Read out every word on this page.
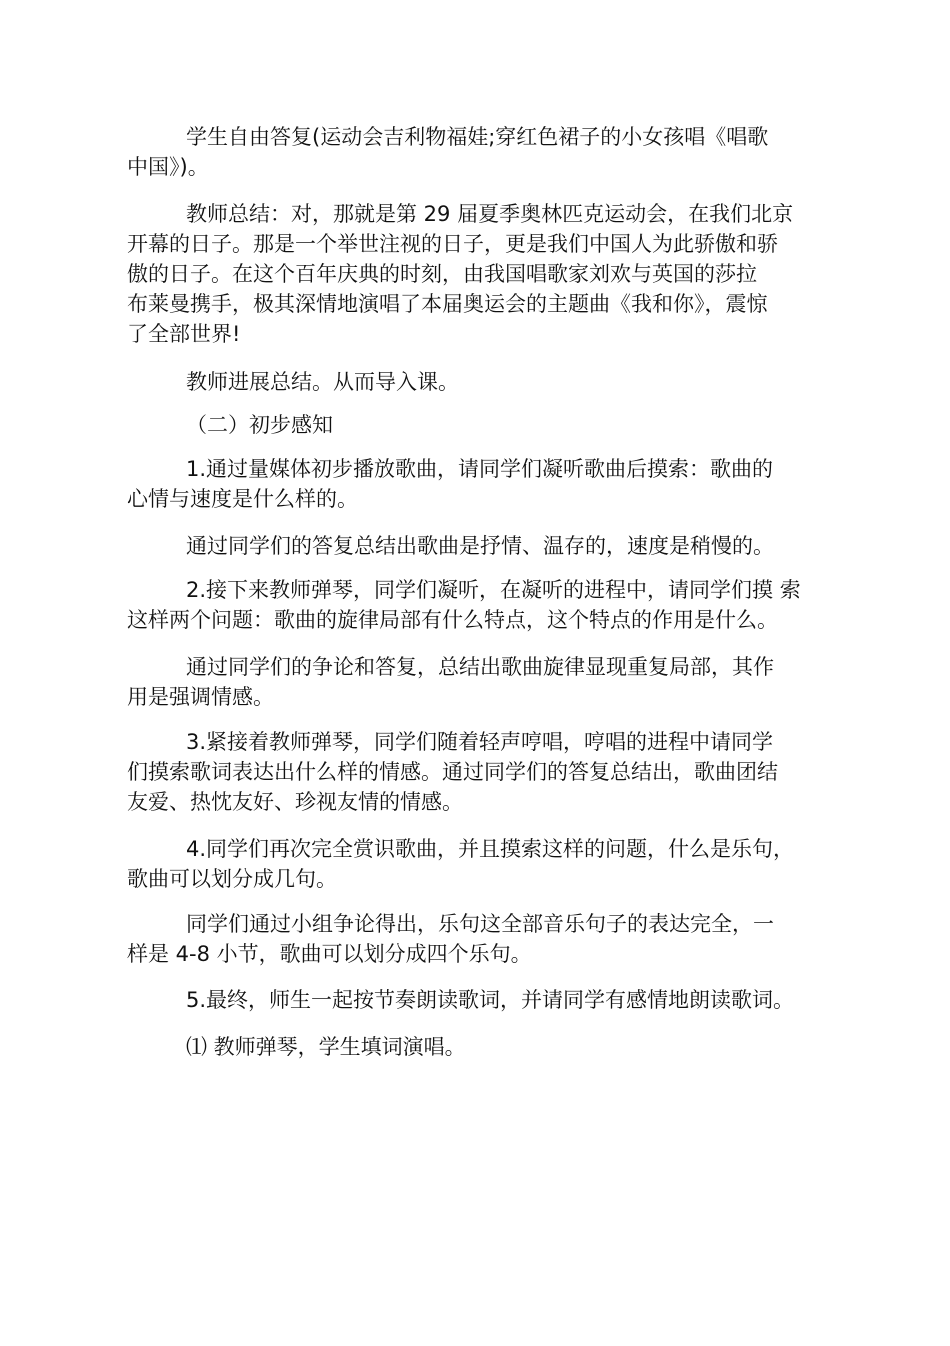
学生自由答复(运动会吉利物福娃;穿红色裙子的小女孩唱《唱歌
中国》)。
教师总结：对，那就是第 29 届夏季奥林匹克运动会，在我们北京
开幕的日子。那是一个举世注视的日子，更是我们中国人为此骄傲和骄
傲的日子。在这个百年庆典的时刻，由我国唱歌家刘欢与英国的莎拉
布莱曼携手，极其深情地演唱了本届奥运会的主题曲《我和你》，震惊
了全部世界!
教师进展总结。从而导入课。
（二）初步感知
1.通过量媒体初步播放歌曲，请同学们凝听歌曲后摸索：歌曲的
心情与速度是什么样的。
通过同学们的答复总结出歌曲是抒情、温存的，速度是稍慢的。
2.接下来教师弹琴，同学们凝听，在凝听的进程中，请同学们摸 索
这样两个问题：歌曲的旋律局部有什么特点，这个特点的作用是什么。
通过同学们的争论和答复，总结出歌曲旋律显现重复局部，其作
用是强调情感。
3.紧接着教师弹琴，同学们随着轻声哼唱，哼唱的进程中请同学
们摸索歌词表达出什么样的情感。通过同学们的答复总结出，歌曲团结
友爱、热忱友好、珍视友情的情感。
4.同学们再次完全赏识歌曲，并且摸索这样的问题，什么是乐句，
歌曲可以划分成几句。
同学们通过小组争论得出，乐句这全部音乐句子的表达完全，一
样是 4-8 小节，歌曲可以划分成四个乐句。
5.最终，师生一起按节奏朗读歌词，并请同学有感情地朗读歌词。
⑴ 教师弹琴，学生填词演唱。
